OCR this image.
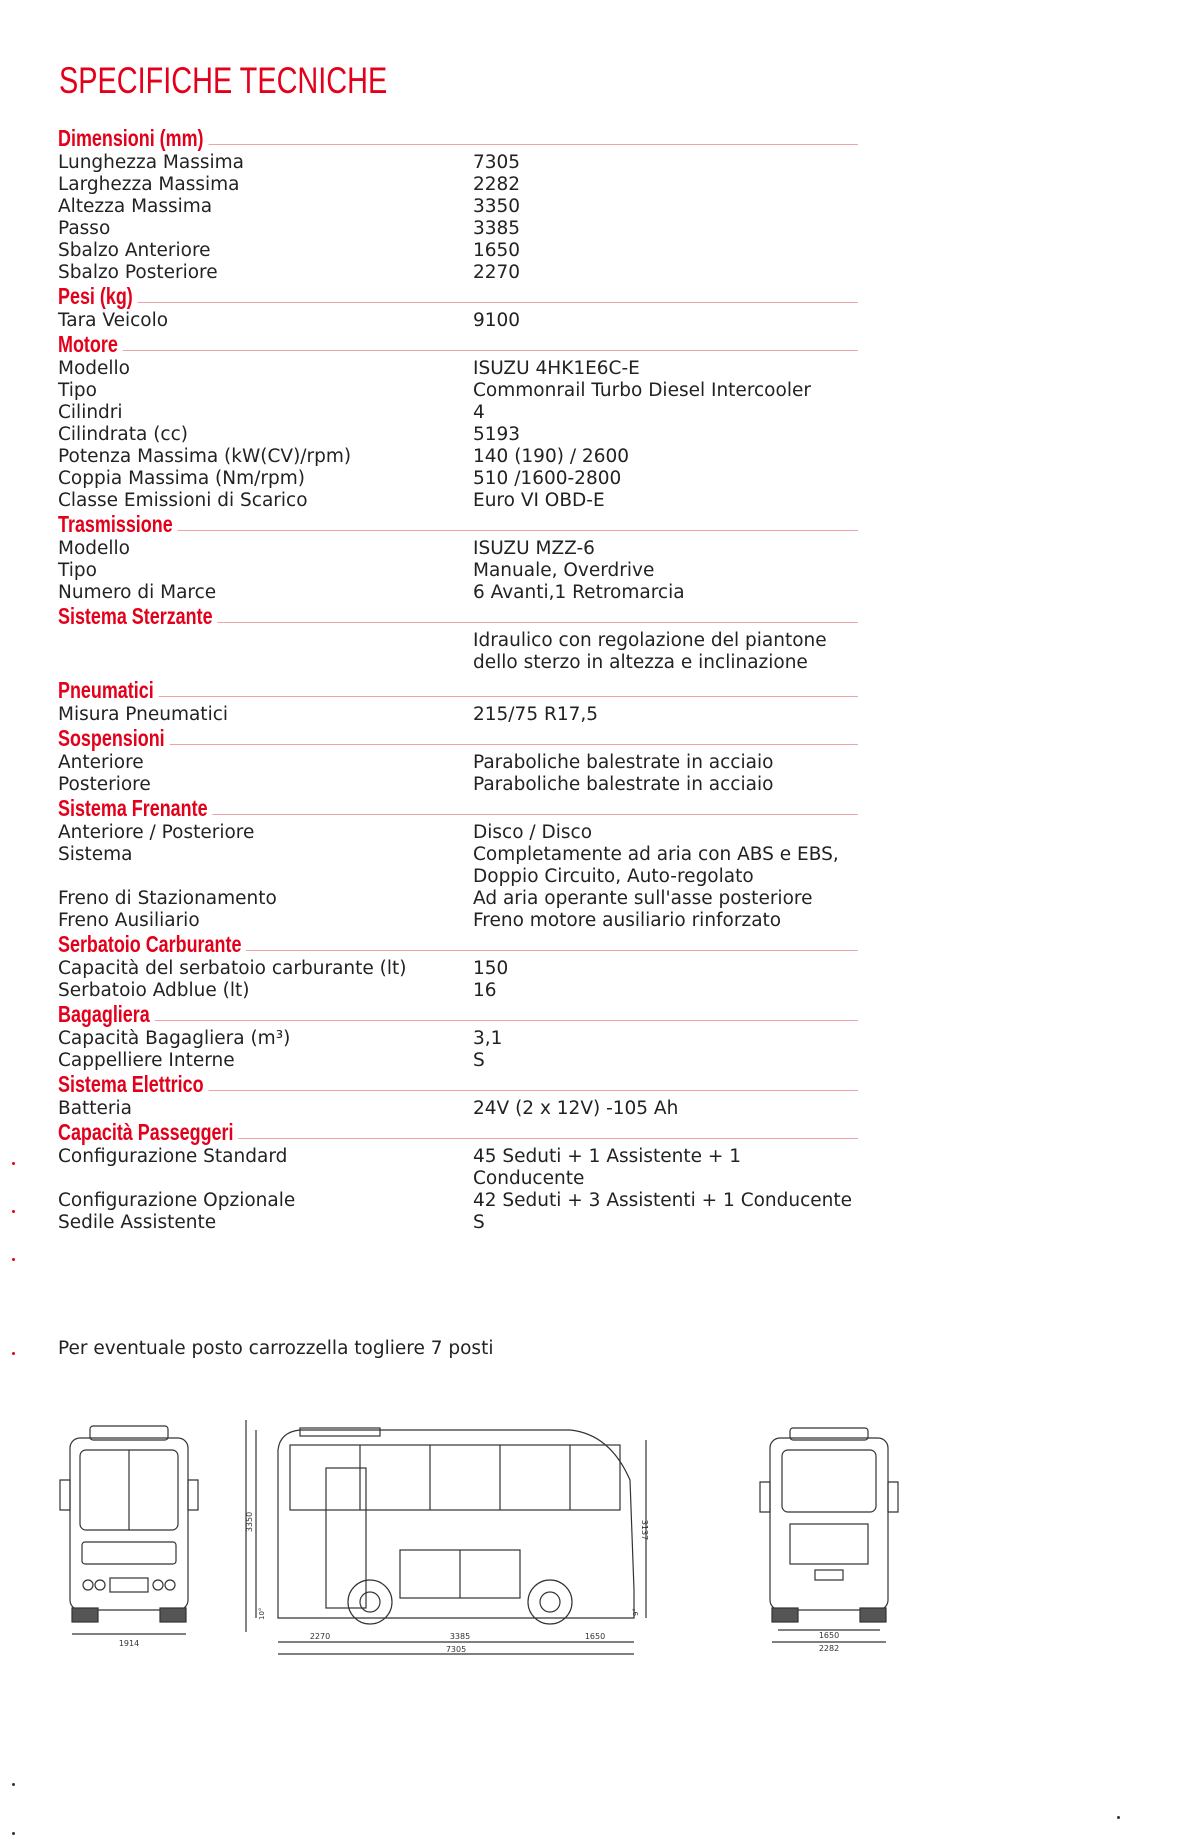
SPECIFICHE TECNICHE
Dimensioni (mm)
Lunghezza Massima	7305
Larghezza Massima	2282
Altezza Massima	3350
Passo	3385
Sbalzo Anteriore	1650
Sbalzo Posteriore	2270
Pesi (kg)
Tara Veicolo	9100
Motore
Modello	ISUZU 4HK1E6C-E
Tipo	Commonrail Turbo Diesel Intercooler
Cilindri	4
Cilindrata (cc)	5193
Potenza Massima (kW(CV)/rpm)	140 (190) / 2600
Coppia Massima (Nm/rpm)	510 /1600-2800
Classe Emissioni di Scarico	Euro VI OBD-E
Trasmissione
Modello	ISUZU MZZ-6
Tipo	Manuale, Overdrive
Numero di Marce	6 Avanti,1 Retromarcia
Sistema Sterzante
Idraulico con regolazione del piantone
dello sterzo in altezza e inclinazione
Pneumatici
Misura Pneumatici	215/75 R17,5
Sospensioni
Anteriore	Paraboliche balestrate in acciaio
Posteriore	Paraboliche balestrate in acciaio
Sistema Frenante
Anteriore / Posteriore	Disco / Disco
Sistema	Completamente ad aria con ABS e EBS,
Doppio Circuito, Auto-regolato
Freno di Stazionamento	Ad aria operante sull'asse posteriore
Freno Ausiliario	Freno motore ausiliario rinforzato
Serbatoio Carburante
Capacità del serbatoio carburante (lt)	150
Serbatoio Adblue (lt)	16
Bagagliera
Capacità Bagagliera (m³)	3,1
Cappelliere Interne	S
Sistema Elettrico
Batteria	24V (2 x 12V) -105 Ah
Capacità Passeggeri
Configurazione Standard	45 Seduti + 1 Assistente + 1 Conducente
Configurazione Opzionale	42 Seduti + 3 Assistenti + 1 Conducente
Sedile Assistente	S
Per eventuale posto carrozzella togliere 7 posti
1914
3350	3137
10°	9°
2270	3385	1650
7305
1650
2282
